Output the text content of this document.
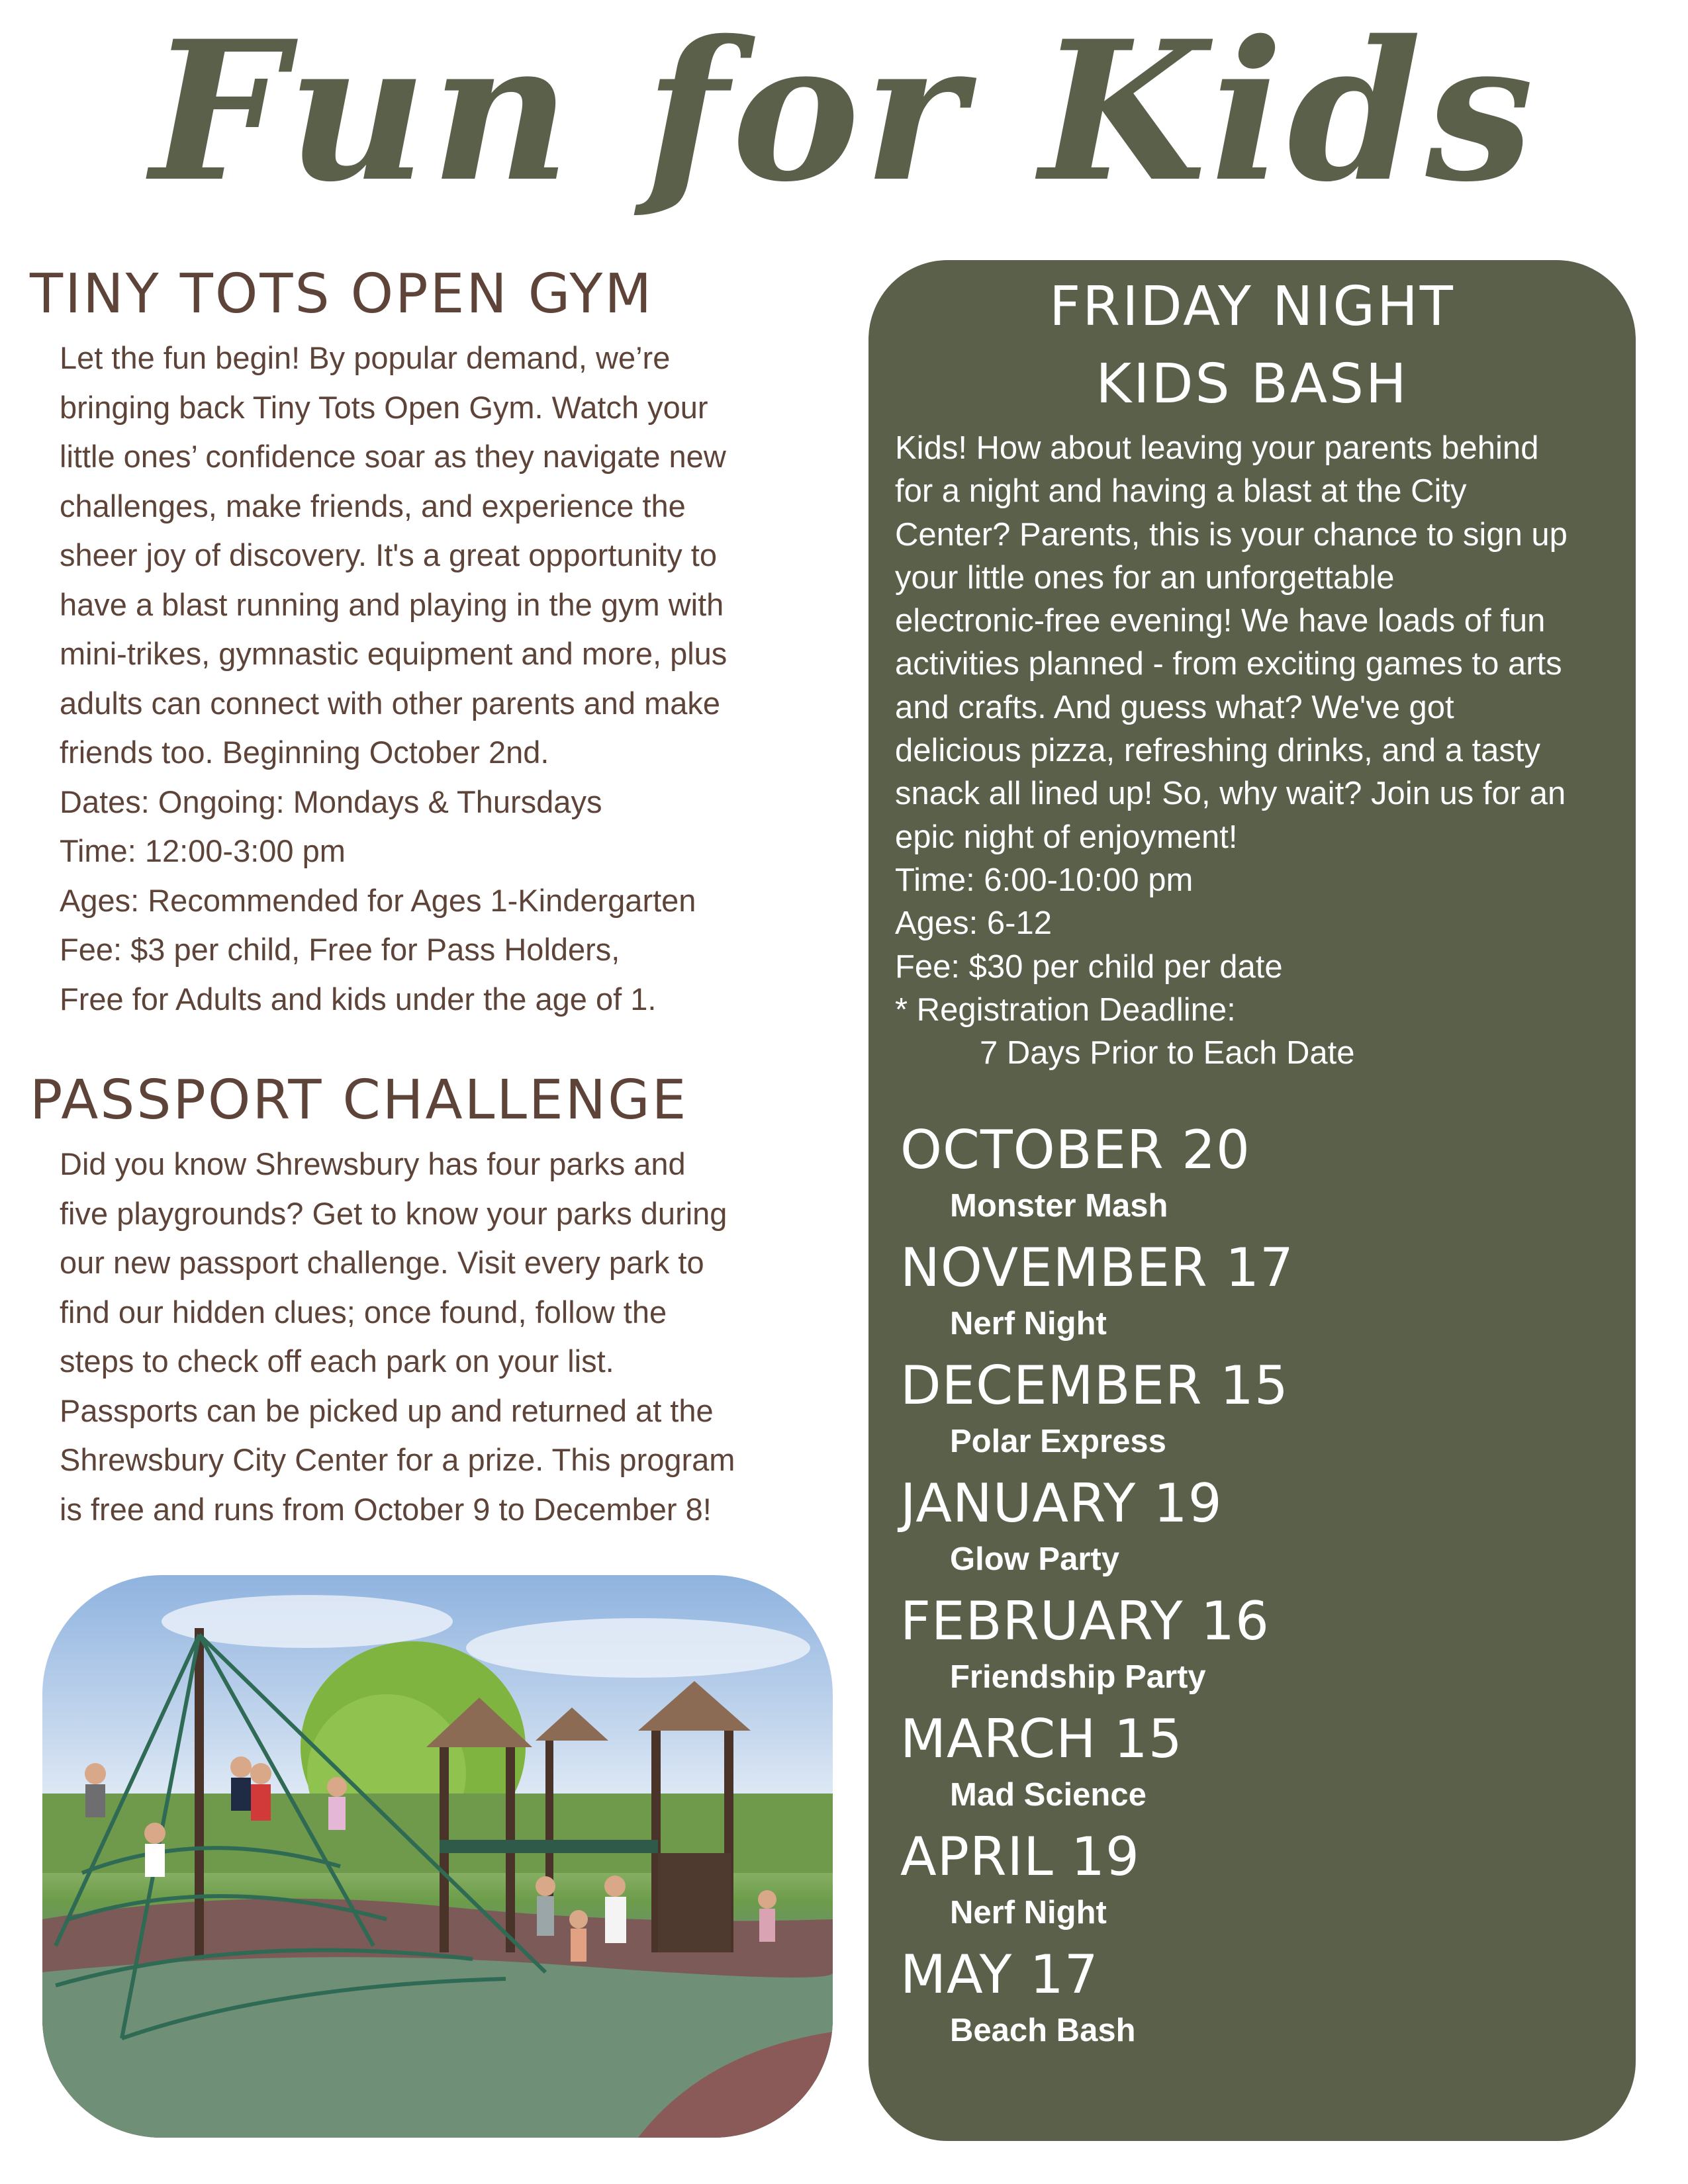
Fun for Kids
TINY TOTS OPEN GYM
Let the fun begin! By popular demand, we’re
bringing back Tiny Tots Open Gym. Watch your
little ones’ confidence soar as they navigate new
challenges, make friends, and experience the
sheer joy of discovery. It's a great opportunity to
have a blast running and playing in the gym with
mini-trikes, gymnastic equipment and more, plus
adults can connect with other parents and make
friends too. Beginning October 2nd.
Dates: Ongoing: Mondays & Thursdays
Time: 12:00-3:00 pm
Ages: Recommended for Ages 1-Kindergarten
Fee: $3 per child, Free for Pass Holders,
Free for Adults and kids under the age of 1.
PASSPORT CHALLENGE
Did you know Shrewsbury has four parks and
five playgrounds? Get to know your parks during
our new passport challenge. Visit every park to
find our hidden clues; once found, follow the
steps to check off each park on your list.
Passports can be picked up and returned at the
Shrewsbury City Center for a prize. This program
is free and runs from October 9 to December 8!
FRIDAY NIGHT
KIDS BASH
Kids! How about leaving your parents behind
for a night and having a blast at the City
Center? Parents, this is your chance to sign up
your little ones for an unforgettable
electronic-free evening! We have loads of fun
activities planned - from exciting games to arts
and crafts. And guess what? We've got
delicious pizza, refreshing drinks, and a tasty
snack all lined up! So, why wait? Join us for an
epic night of enjoyment!
Time: 6:00-10:00 pm
Ages: 6-12
Fee: $30 per child per date
* Registration Deadline:
7 Days Prior to Each Date
OCTOBER 20
Monster Mash
NOVEMBER 17
Nerf Night
DECEMBER 15
Polar Express
JANUARY 19
Glow Party
FEBRUARY 16
Friendship Party
MARCH 15
Mad Science
APRIL 19
Nerf Night
MAY 17
Beach Bash
